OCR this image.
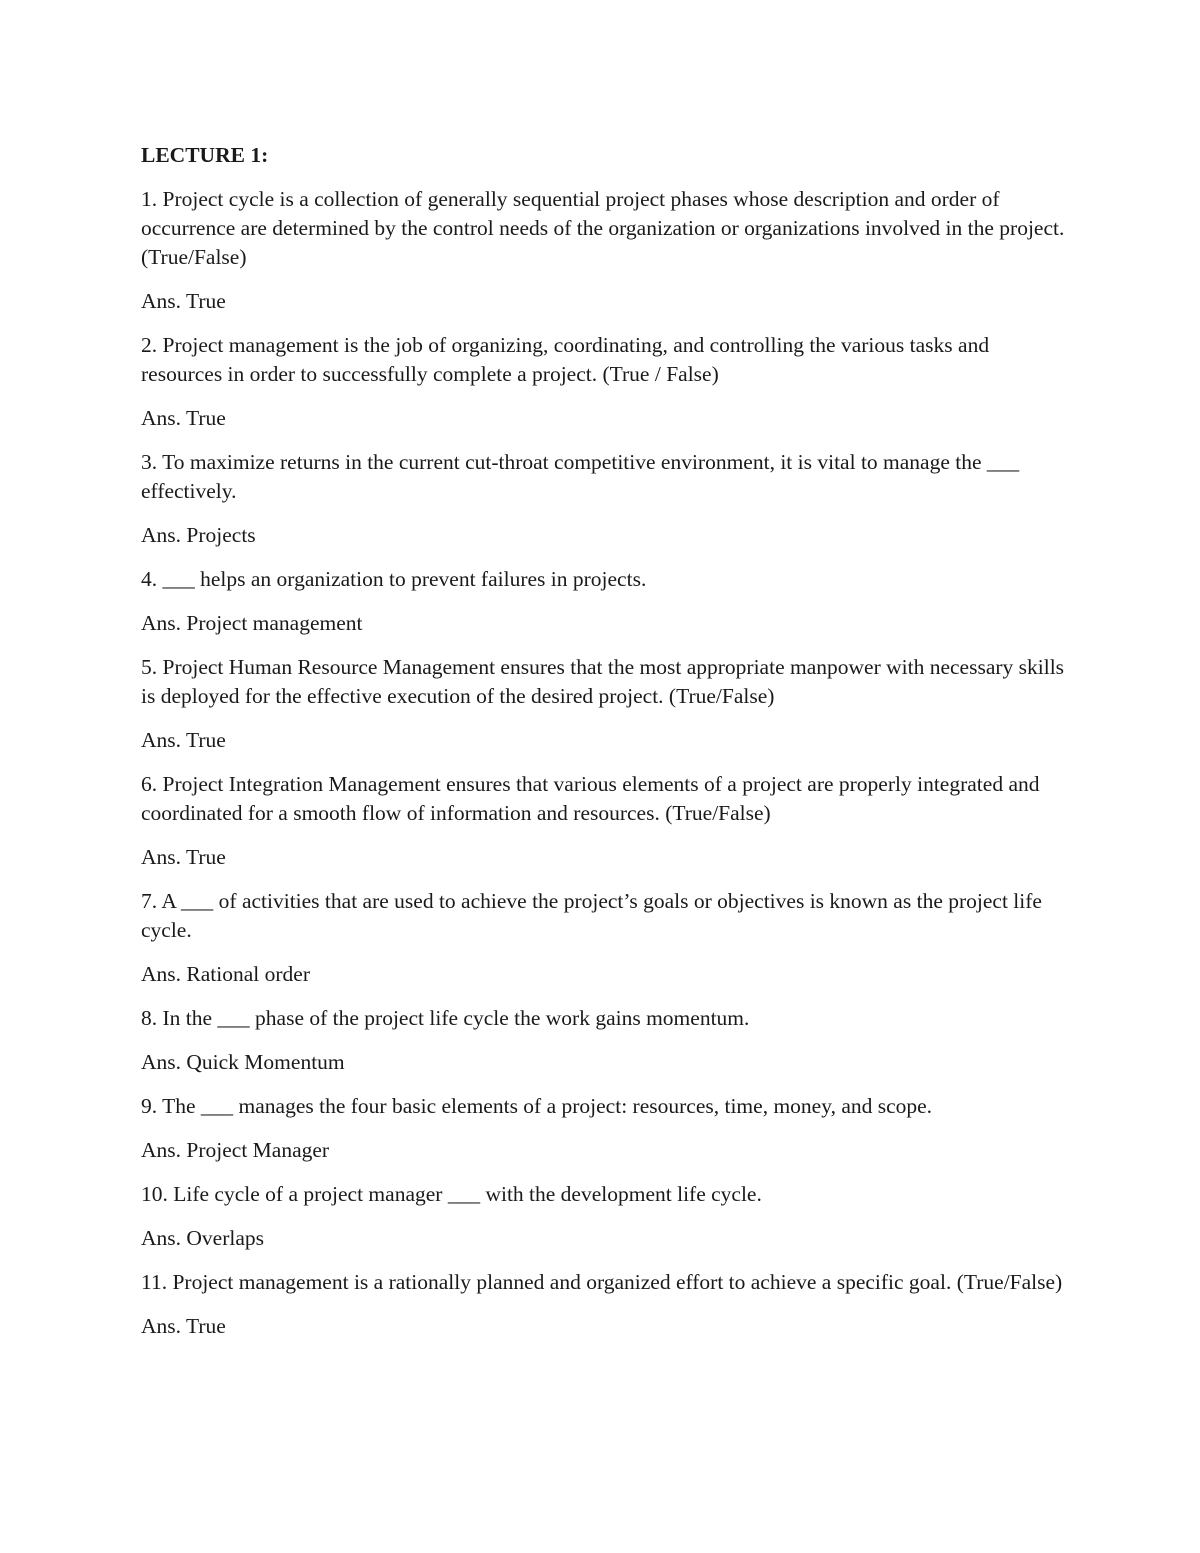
LECTURE 1:
1. Project cycle is a collection of generally sequential project phases whose description and order of occurrence are determined by the control needs of the organization or organizations involved in the project. (True/False)
Ans. True
2. Project management is the job of organizing, coordinating, and controlling the various tasks and resources in order to successfully complete a project. (True / False)
Ans. True
3. To maximize returns in the current cut-throat competitive environment, it is vital to manage the ___ effectively.
Ans. Projects
4. ___ helps an organization to prevent failures in projects.
Ans. Project management
5. Project Human Resource Management ensures that the most appropriate manpower with necessary skills is deployed for the effective execution of the desired project. (True/False)
Ans. True
6. Project Integration Management ensures that various elements of a project are properly integrated and coordinated for a smooth flow of information and resources. (True/False)
Ans. True
7. A ___ of activities that are used to achieve the project’s goals or objectives is known as the project life cycle.
Ans. Rational order
8. In the ___ phase of the project life cycle the work gains momentum.
Ans. Quick Momentum
9. The ___ manages the four basic elements of a project: resources, time, money, and scope.
Ans. Project Manager
10. Life cycle of a project manager ___ with the development life cycle.
Ans. Overlaps
11. Project management is a rationally planned and organized effort to achieve a specific goal. (True/False)
Ans. True
